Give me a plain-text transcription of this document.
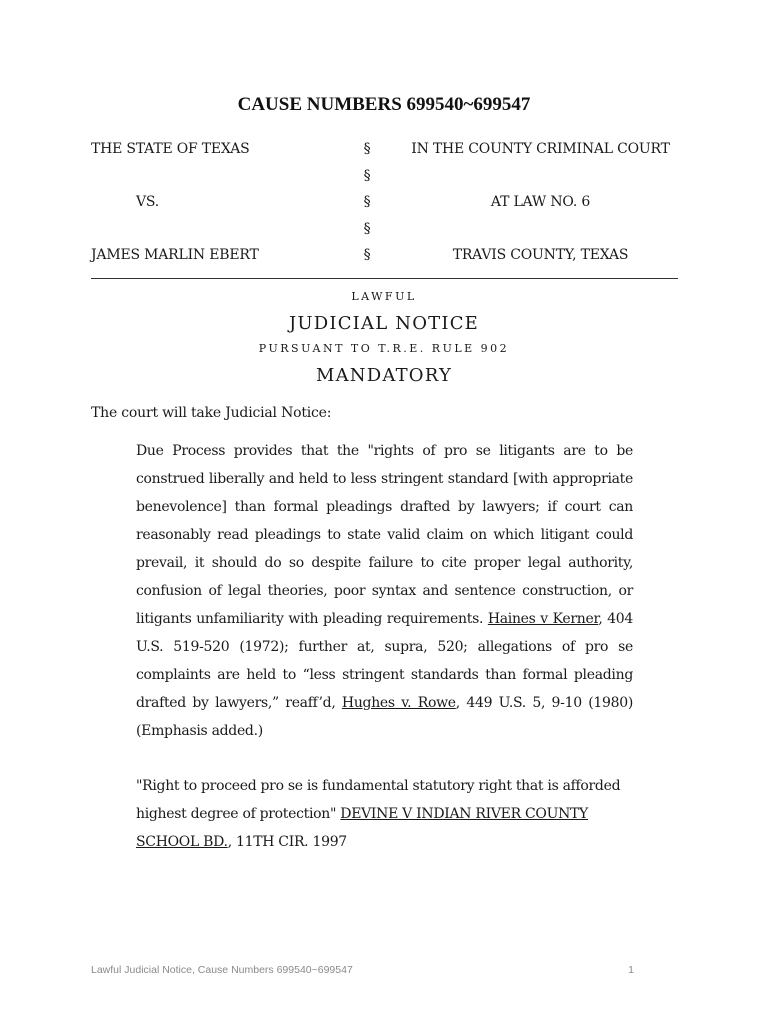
CAUSE NUMBERS 699540~699547
THE STATE OF TEXAS	§	IN THE COUNTY CRIMINAL COURT
§
VS.	§	AT LAW NO. 6
§
JAMES MARLIN EBERT	§	TRAVIS COUNTY, TEXAS
LAWFUL
JUDICIAL NOTICE
PURSUANT TO T.R.E. RULE 902
MANDATORY
The court will take Judicial Notice:
Due Process provides that the "rights of pro se litigants are to be construed liberally and held to less stringent standard [with appropriate benevolence] than formal pleadings drafted by lawyers; if court can reasonably read pleadings to state valid claim on which litigant could prevail, it should do so despite failure to cite proper legal authority, confusion of legal theories, poor syntax and sentence construction, or litigants unfamiliarity with pleading requirements. Haines v Kerner, 404 U.S. 519-520 (1972); further at, supra, 520; allegations of pro se complaints are held to “less stringent standards than formal pleading drafted by lawyers,” reaff’d, Hughes v. Rowe, 449 U.S. 5, 9-10 (1980) (Emphasis added.)
"Right to proceed pro se is fundamental statutory right that is afforded highest degree of protection" DEVINE V INDIAN RIVER COUNTY SCHOOL BD., 11TH CIR. 1997
Lawful Judicial Notice, Cause Numbers 699540~699547	1
